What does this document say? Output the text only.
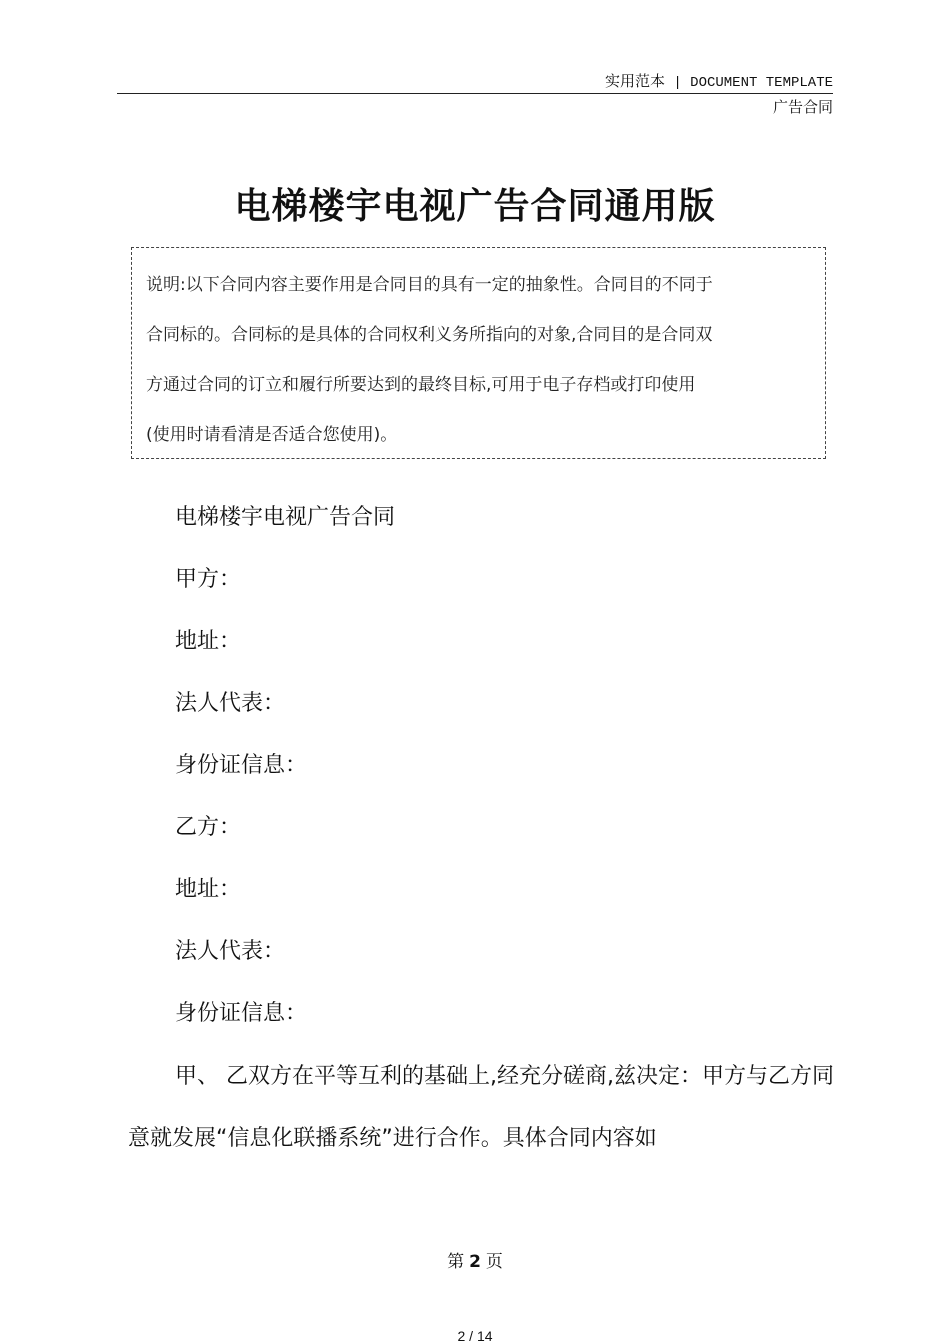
实用范本 | DOCUMENT TEMPLATE
广告合同
电梯楼宇电视广告合同通用版
说明:以下合同内容主要作用是合同目的具有一定的抽象性。合同目的不同于
合同标的。合同标的是具体的合同权利义务所指向的对象,合同目的是合同双
方通过合同的订立和履行所要达到的最终目标,可用于电子存档或打印使用
(使用时请看清是否适合您使用)。
电梯楼宇电视广告合同
甲方：
地址：
法人代表：
身份证信息：
乙方：
地址：
法人代表：
身份证信息：
甲、 乙双方在平等互利的基础上,经充分磋商,兹决定：甲方与乙方同意就发展“信息化联播系统”进行合作。具体合同内容如
第 2 页
2 / 14
